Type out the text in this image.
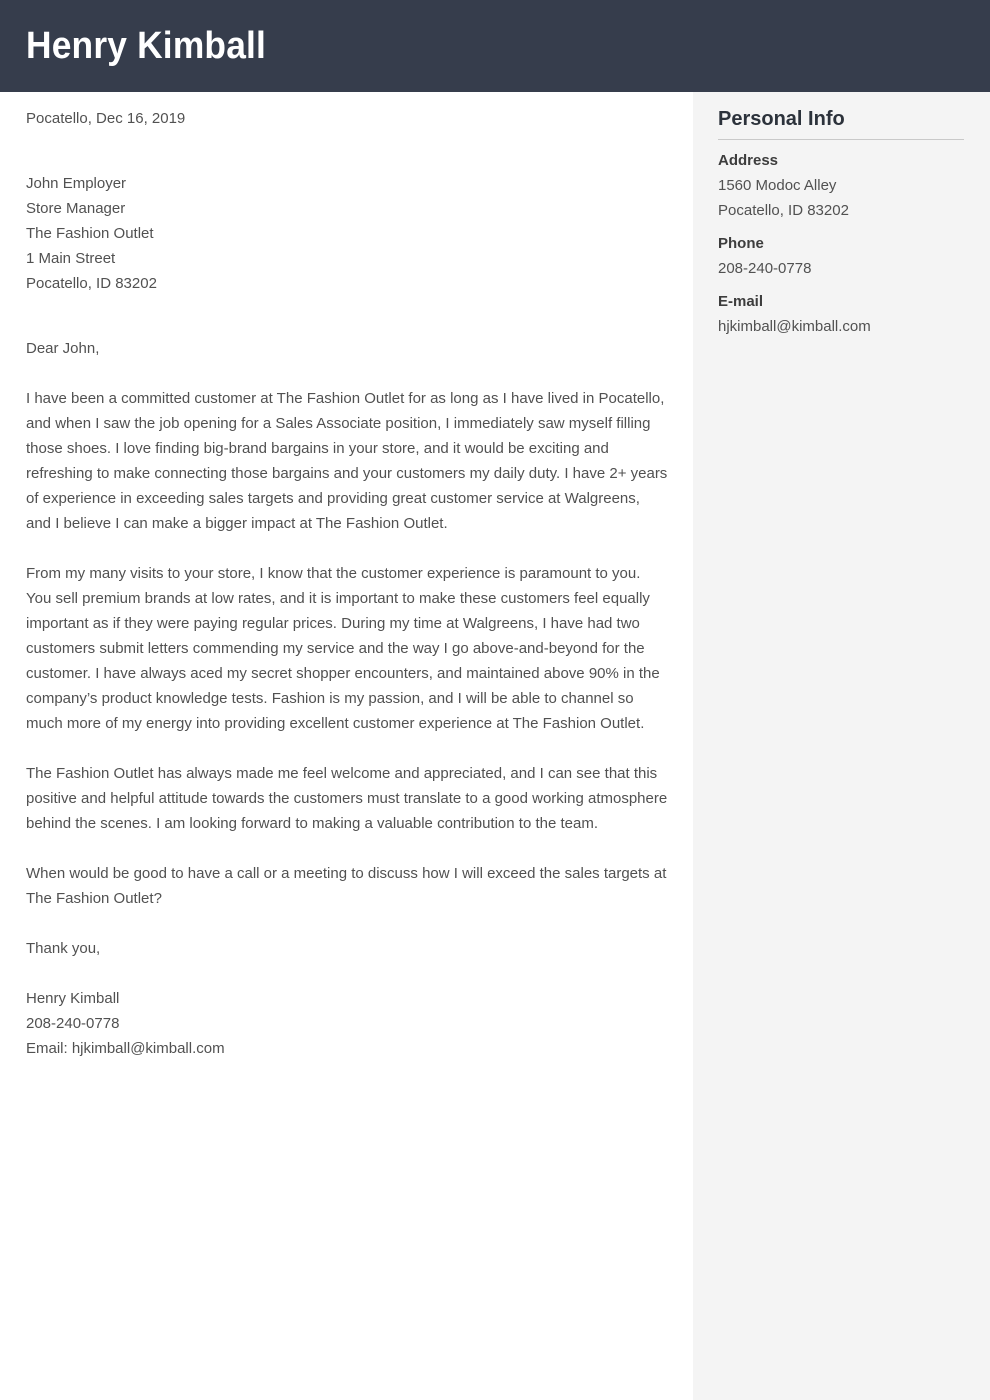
Henry Kimball
Pocatello, Dec 16, 2019
John Employer
Store Manager
The Fashion Outlet
1 Main Street
Pocatello, ID 83202
Dear John,

I have been a committed customer at The Fashion Outlet for as long as I have lived in Pocatello, and when I saw the job opening for a Sales Associate position, I immediately saw myself filling those shoes. I love finding big-brand bargains in your store, and it would be exciting and refreshing to make connecting those bargains and your customers my daily duty. I have 2+ years of experience in exceeding sales targets and providing great customer service at Walgreens, and I believe I can make a bigger impact at The Fashion Outlet.

From my many visits to your store, I know that the customer experience is paramount to you. You sell premium brands at low rates, and it is important to make these customers feel equally important as if they were paying regular prices. During my time at Walgreens, I have had two customers submit letters commending my service and the way I go above-and-beyond for the customer. I have always aced my secret shopper encounters, and maintained above 90% in the company’s product knowledge tests. Fashion is my passion, and I will be able to channel so much more of my energy into providing excellent customer experience at The Fashion Outlet.

The Fashion Outlet has always made me feel welcome and appreciated, and I can see that this positive and helpful attitude towards the customers must translate to a good working atmosphere behind the scenes. I am looking forward to making a valuable contribution to the team.

When would be good to have a call or a meeting to discuss how I will exceed the sales targets at The Fashion Outlet?

Thank you,

Henry Kimball
208-240-0778
Email: hjkimball@kimball.com
Personal Info
Address
1560 Modoc Alley
Pocatello, ID 83202
Phone
208-240-0778
E-mail
hjkimball@kimball.com
